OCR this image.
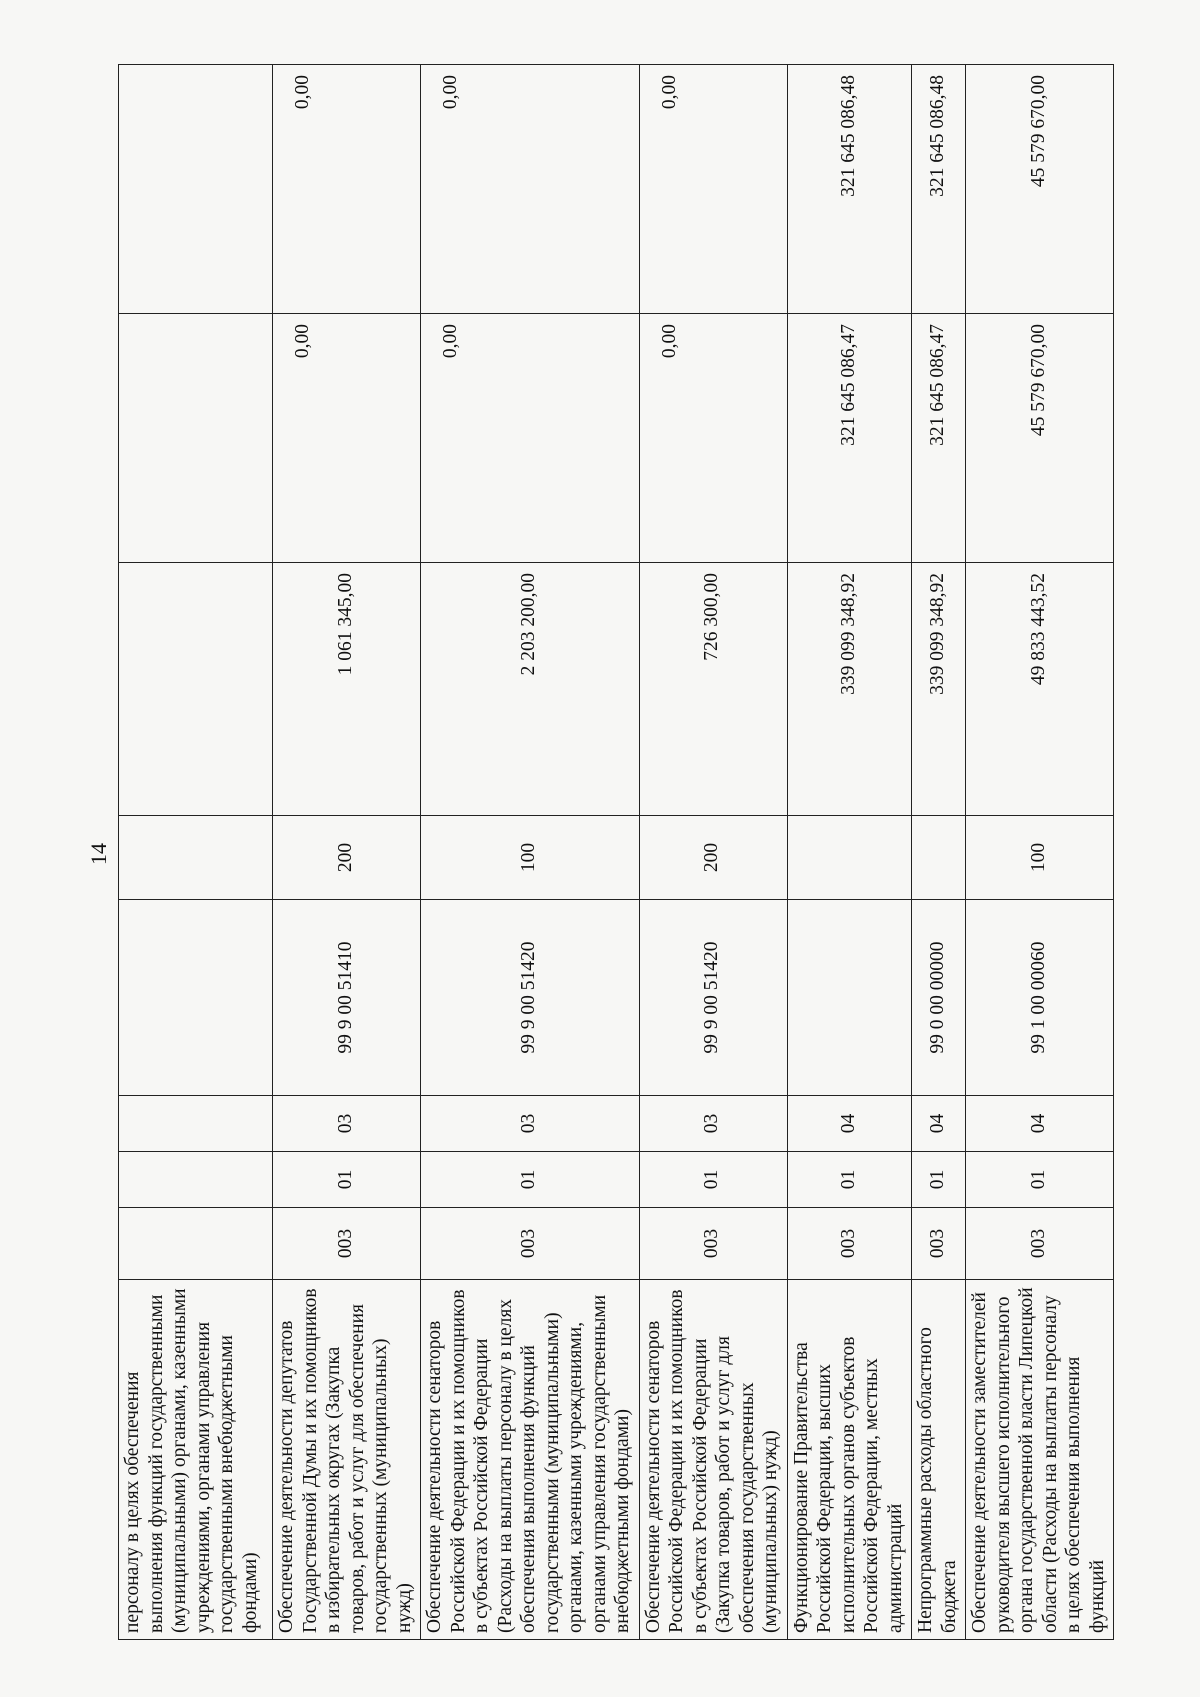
14
персоналу в целях обеспечения выполнения функций государственными (муниципальными) органами, казенными учреждениями, органами управления государственными внебюджетными фондами)								
Обеспечение деятельности депутатов Государственной Думы и их помощников в избирательных округах (Закупка товаров, работ и услуг для обеспечения государственных (муниципальных) нужд)	003	01	03	99 9 00 51410	200	1 061 345,00	0,00	0,00
Обеспечение деятельности сенаторов Российской Федерации и их помощников в субъектах Российской Федерации (Расходы на выплаты персоналу в целях обеспечения выполнения функций государственными (муниципальными) органами, казенными учреждениями, органами управления государственными внебюджетными фондами)	003	01	03	99 9 00 51420	100	2 203 200,00	0,00	0,00
Обеспечение деятельности сенаторов Российской Федерации и их помощников в субъектах Российской Федерации (Закупка товаров, работ и услуг для обеспечения государственных (муниципальных) нужд)	003	01	03	99 9 00 51420	200	726 300,00	0,00	0,00
Функционирование Правительства Российской Федерации, высших исполнительных органов субъектов Российской Федерации, местных администраций	003	01	04			339 099 348,92	321 645 086,47	321 645 086,48
Непрограммные расходы областного бюджета	003	01	04	99 0 00 00000		339 099 348,92	321 645 086,47	321 645 086,48
Обеспечение деятельности заместителей руководителя высшего исполнительного органа государственной власти Липецкой области (Расходы на выплаты персоналу в целях обеспечения выполнения функций	003	01	04	99 1 00 00060	100	49 833 443,52	45 579 670,00	45 579 670,00
